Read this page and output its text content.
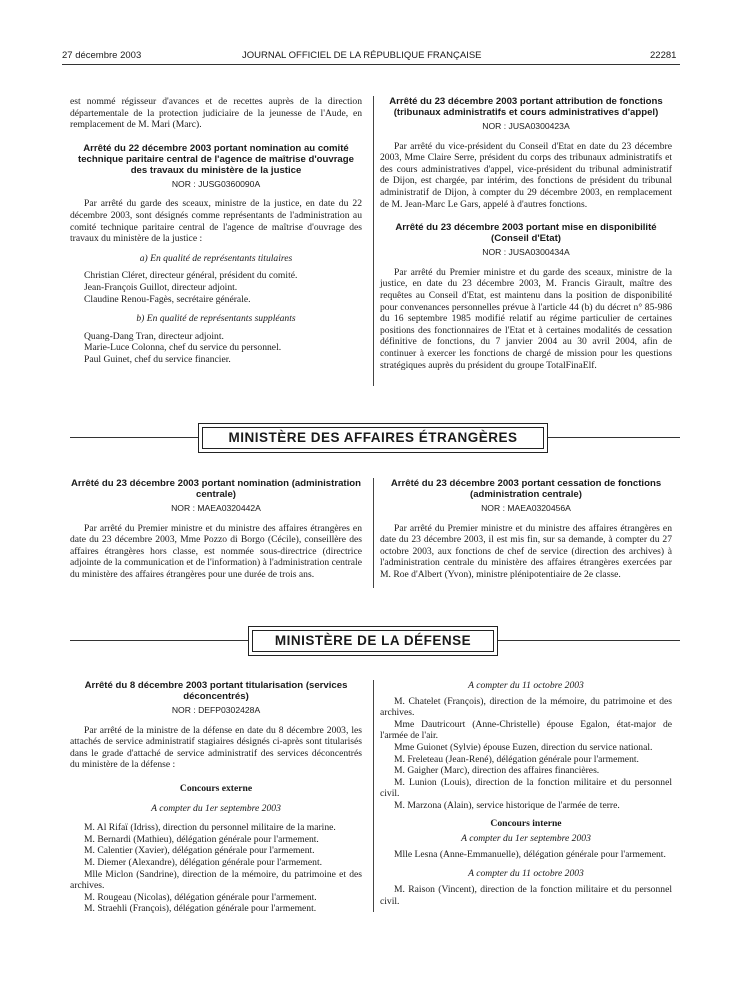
27 décembre 2003	JOURNAL OFFICIEL DE LA RÉPUBLIQUE FRANÇAISE	22281

est nommé régisseur d'avances et de recettes auprès de la direction départementale de la protection judiciaire de la jeunesse de l'Aude, en remplacement de M. Mari (Marc).

Arrêté du 22 décembre 2003 portant nomination au comité technique paritaire central de l'agence de maîtrise d'ouvrage des travaux du ministère de la justice
NOR : JUSG0360090A

Par arrêté du garde des sceaux, ministre de la justice, en date du 22 décembre 2003, sont désignés comme représentants de l'administration au comité technique paritaire central de l'agence de maîtrise d'ouvrage des travaux du ministère de la justice :

a) En qualité de représentants titulaires

Christian Cléret, directeur général, président du comité.

Jean-François Guillot, directeur adjoint.

Claudine Renou-Fagès, secrétaire générale.

b) En qualité de représentants suppléants

Quang-Dang Tran, directeur adjoint.

Marie-Luce Colonna, chef du service du personnel.

Paul Guinet, chef du service financier.

Arrêté du 23 décembre 2003 portant attribution de fonctions (tribunaux administratifs et cours administratives d'appel)
NOR : JUSA0300423A

Par arrêté du vice-président du Conseil d'Etat en date du 23 décembre 2003, Mme Claire Serre, président du corps des tribunaux administratifs et des cours administratives d'appel, vice-président du tribunal administratif de Dijon, est chargée, par intérim, des fonctions de président du tribunal administratif de Dijon, à compter du 29 décembre 2003, en remplacement de M. Jean-Marc Le Gars, appelé à d'autres fonctions.

Arrêté du 23 décembre 2003 portant mise en disponibilité (Conseil d'Etat)
NOR : JUSA0300434A

Par arrêté du Premier ministre et du garde des sceaux, ministre de la justice, en date du 23 décembre 2003, M. Francis Girault, maître des requêtes au Conseil d'Etat, est maintenu dans la position de disponibilité pour convenances personnelles prévue à l'article 44 (b) du décret n° 85-986 du 16 septembre 1985 modifié relatif au régime particulier de certaines positions des fonctionnaires de l'Etat et à certaines modalités de cessation définitive de fonctions, du 7 janvier 2004 au 30 avril 2004, afin de continuer à exercer les fonctions de chargé de mission pour les questions stratégiques auprès du président du groupe TotalFinaElf.

MINISTÈRE DES AFFAIRES ÉTRANGÈRES
Arrêté du 23 décembre 2003 portant nomination (administration centrale)
NOR : MAEA0320442A

Par arrêté du Premier ministre et du ministre des affaires étrangères en date du 23 décembre 2003, Mme Pozzo di Borgo (Cécile), conseillère des affaires étrangères hors classe, est nommée sous-directrice (directrice adjointe de la communication et de l'information) à l'administration centrale du ministère des affaires étrangères pour une durée de trois ans.

Arrêté du 23 décembre 2003 portant cessation de fonctions (administration centrale)
NOR : MAEA0320456A

Par arrêté du Premier ministre et du ministre des affaires étrangères en date du 23 décembre 2003, il est mis fin, sur sa demande, à compter du 27 octobre 2003, aux fonctions de chef de service (direction des archives) à l'administration centrale du ministère des affaires étrangères exercées par M. Roe d'Albert (Yvon), ministre plénipotentiaire de 2e classe.

MINISTÈRE DE LA DÉFENSE
Arrêté du 8 décembre 2003 portant titularisation (services déconcentrés)
NOR : DEFP0302428A

Par arrêté de la ministre de la défense en date du 8 décembre 2003, les attachés de service administratif stagiaires désignés ci-après sont titularisés dans le grade d'attaché de service administratif des services déconcentrés du ministère de la défense :

Concours externe

A compter du 1er septembre 2003

M. Al Rifaï (Idriss), direction du personnel militaire de la marine.

M. Bernardi (Mathieu), délégation générale pour l'armement.

M. Calentier (Xavier), délégation générale pour l'armement.

M. Diemer (Alexandre), délégation générale pour l'armement.

Mlle Miclon (Sandrine), direction de la mémoire, du patrimoine et des archives.

M. Rougeau (Nicolas), délégation générale pour l'armement.

M. Straehli (François), délégation générale pour l'armement.

A compter du 11 octobre 2003

M. Chatelet (François), direction de la mémoire, du patrimoine et des archives.

Mme Dautricourt (Anne-Christelle) épouse Egalon, état-major de l'armée de l'air.

Mme Guionet (Sylvie) épouse Euzen, direction du service national.

M. Freleteau (Jean-René), délégation générale pour l'armement.

M. Gaigher (Marc), direction des affaires financières.

M. Lunion (Louis), direction de la fonction militaire et du personnel civil.

M. Marzona (Alain), service historique de l'armée de terre.

Concours interne

A compter du 1er septembre 2003

Mlle Lesna (Anne-Emmanuelle), délégation générale pour l'armement.

A compter du 11 octobre 2003

M. Raison (Vincent), direction de la fonction militaire et du personnel civil.
